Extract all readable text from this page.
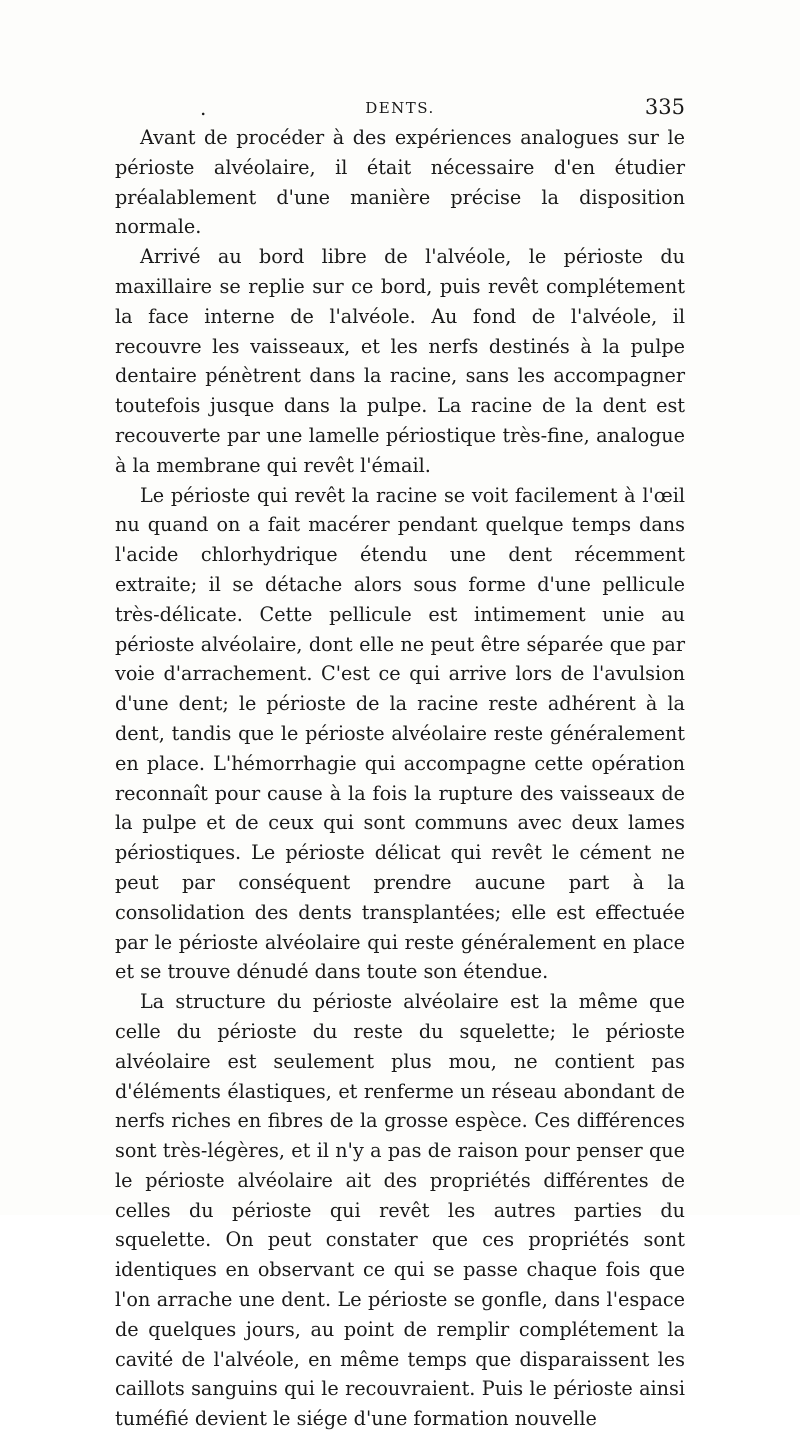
.	DENTS.	335

Avant de procéder à des expériences analogues sur le périoste alvéolaire, il était nécessaire d'en étudier préalablement d'une manière précise la disposition normale.

Arrivé au bord libre de l'alvéole, le périoste du maxillaire se replie sur ce bord, puis revêt complétement la face interne de l'alvéole. Au fond de l'alvéole, il recouvre les vaisseaux, et les nerfs destinés à la pulpe dentaire pénètrent dans la racine, sans les accompagner toutefois jusque dans la pulpe. La racine de la dent est recouverte par une lamelle périostique très-fine, analogue à la membrane qui revêt l'émail.

Le périoste qui revêt la racine se voit facilement à l'œil nu quand on a fait macérer pendant quelque temps dans l'acide chlorhydrique étendu une dent récemment extraite; il se détache alors sous forme d'une pellicule très-délicate. Cette pellicule est intimement unie au périoste alvéolaire, dont elle ne peut être séparée que par voie d'arrachement. C'est ce qui arrive lors de l'avulsion d'une dent; le périoste de la racine reste adhérent à la dent, tandis que le périoste alvéolaire reste généralement en place. L'hémorrhagie qui accompagne cette opération reconnaît pour cause à la fois la rupture des vaisseaux de la pulpe et de ceux qui sont communs avec deux lames périostiques. Le périoste délicat qui revêt le cément ne peut par conséquent prendre aucune part à la consolidation des dents transplantées; elle est effectuée par le périoste alvéolaire qui reste généralement en place et se trouve dénudé dans toute son étendue.

La structure du périoste alvéolaire est la même que celle du périoste du reste du squelette; le périoste alvéolaire est seulement plus mou, ne contient pas d'éléments élastiques, et renferme un réseau abondant de nerfs riches en fibres de la grosse espèce. Ces différences sont très-légères, et il n'y a pas de raison pour penser que le périoste alvéolaire ait des propriétés différentes de celles du périoste qui revêt les autres parties du squelette. On peut constater que ces propriétés sont identiques en observant ce qui se passe chaque fois que l'on arrache une dent. Le périoste se gonfle, dans l'espace de quelques jours, au point de remplir complétement la cavité de l'alvéole, en même temps que disparaissent les caillots sanguins qui le recouvraient. Puis le périoste ainsi tuméfié devient le siége d'une formation nouvelle
